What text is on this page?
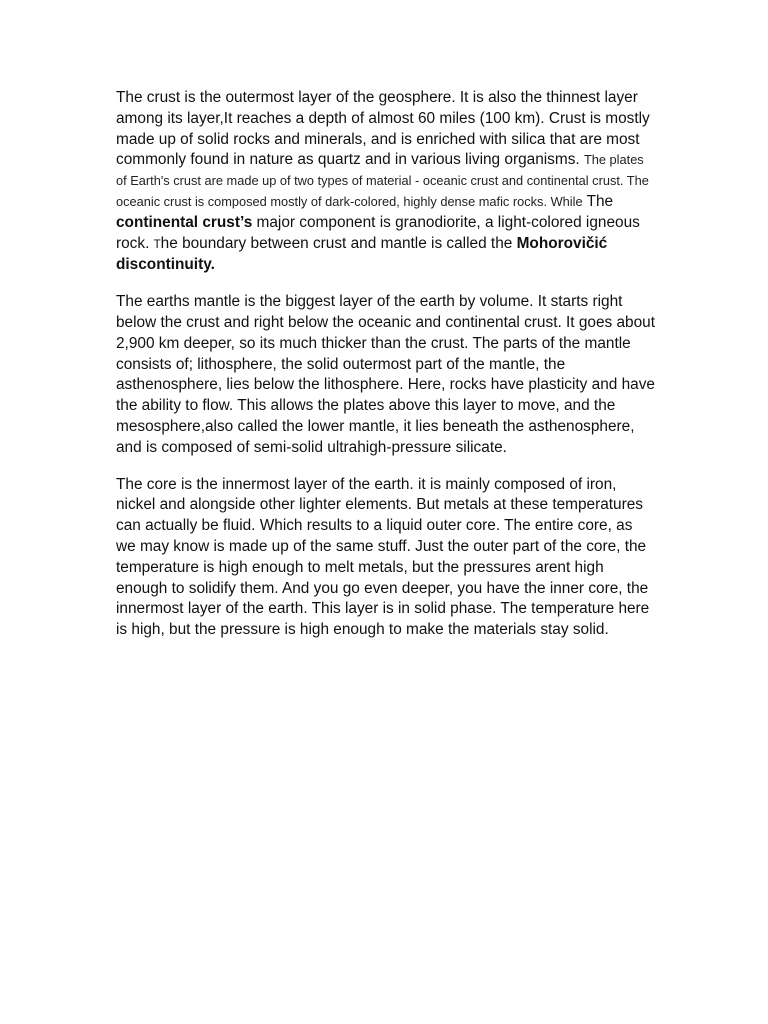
The crust is the outermost layer of the geosphere. It is also the thinnest layer among its layer,It reaches a depth of almost 60 miles (100 km). Crust is mostly made up of solid rocks and minerals, and is enriched with silica that are most commonly found in nature as quartz and in various living organisms. The plates of Earth's crust are made up of two types of material - oceanic crust and continental crust. The oceanic crust is composed mostly of dark-colored, highly dense mafic rocks. While The continental crust’s major component is granodiorite, a light-colored igneous rock. The boundary between crust and mantle is called the Mohorovičić discontinuity.

The earths mantle is the biggest layer of the earth by volume. It starts right below the crust and right below the oceanic and continental crust. It goes about 2,900 km deeper, so its much thicker than the crust. The parts of the mantle consists of; lithosphere, the solid outermost part of the mantle, the asthenosphere, lies below the lithosphere. Here, rocks have plasticity and have the ability to flow. This allows the plates above this layer to move, and the mesosphere,also called the lower mantle, it lies beneath the asthenosphere, and is composed of semi-solid ultrahigh-pressure silicate.

The core is the innermost layer of the earth. it is mainly composed of iron, nickel and alongside other lighter elements. But metals at these temperatures can actually be fluid. Which results to a liquid outer core. The entire core, as we may know is made up of the same stuff. Just the outer part of the core, the temperature is high enough to melt metals, but the pressures arent high enough to solidify them. And you go even deeper, you have the inner core, the innermost layer of the earth. This layer is in solid phase. The temperature here is high, but the pressure is high enough to make the materials stay solid.
